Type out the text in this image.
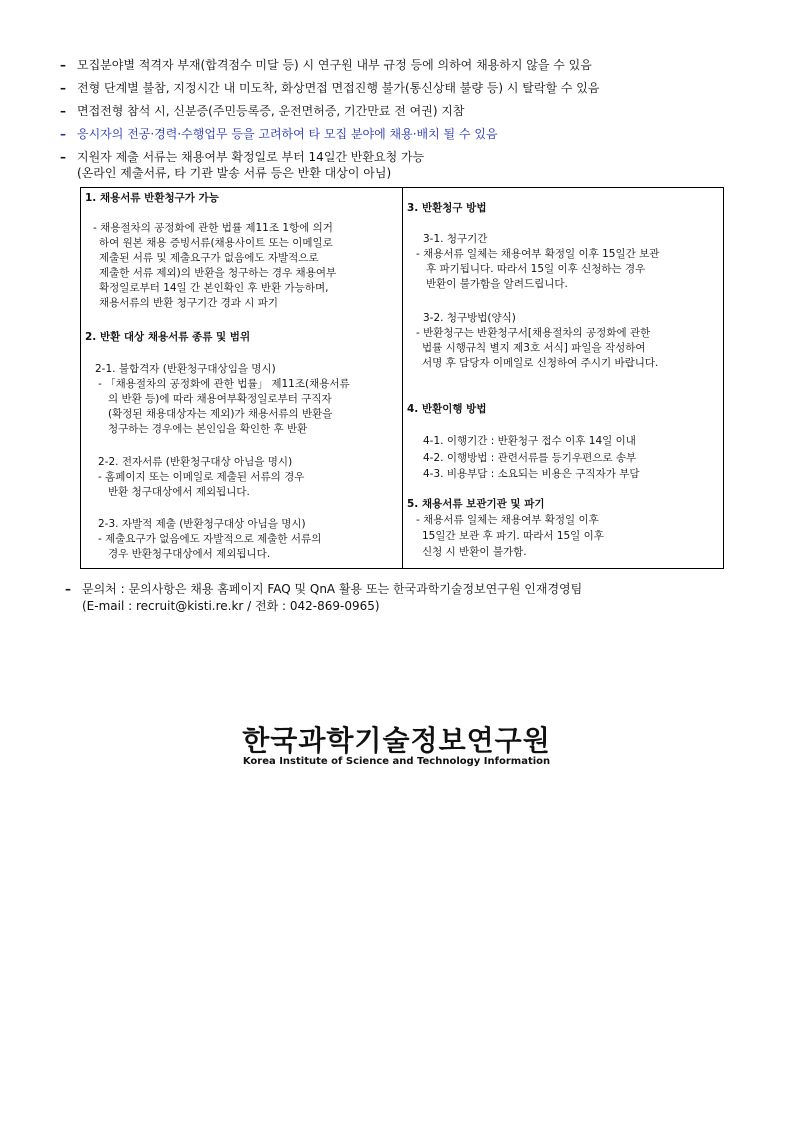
– 모집분야별 적격자 부재(합격점수 미달 등) 시 연구원 내부 규정 등에 의하여 채용하지 않을 수 있음
– 전형 단계별 불참, 지정시간 내 미도착, 화상면접 면접진행 불가(통신상태 불량 등) 시 탈락할 수 있음
– 면접전형 참석 시, 신분증(주민등록증, 운전면허증, 기간만료 전 여권) 지참
– 응시자의 전공·경력·수행업무 등을 고려하여 타 모집 분야에 채용·배치 될 수 있음
– 지원자 제출 서류는 채용여부 확정일로 부터 14일간 반환요청 가능
(온라인 제출서류, 타 기관 발송 서류 등은 반환 대상이 아님)
1. 채용서류 반환청구가 가능
- 채용절차의 공정화에 관한 법률 제11조 1항에 의거
하여 원본 채용 증빙서류(채용사이트 또는 이메일로
제출된 서류 및 제출요구가 없음에도 자발적으로
제출한 서류 제외)의 반환을 청구하는 경우 채용여부
확정일로부터 14일 간 본인확인 후 반환 가능하며,
채용서류의 반환 청구기간 경과 시 파기
2. 반환 대상 채용서류 종류 및 범위
2-1. 불합격자 (반환청구대상임을 명시)
- 「채용절차의 공정화에 관한 법률」 제11조(채용서류
의 반환 등)에 따라 채용여부확정일로부터 구직자
(확정된 채용대상자는 제외)가 채용서류의 반환을
청구하는 경우에는 본인임을 확인한 후 반환
2-2. 전자서류 (반환청구대상 아님을 명시)
- 홈페이지 또는 이메일로 제출된 서류의 경우
반환 청구대상에서 제외됩니다.
2-3. 자발적 제출 (반환청구대상 아님을 명시)
- 제출요구가 없음에도 자발적으로 제출한 서류의
경우 반환청구대상에서 제외됩니다.
3. 반환청구 방법
3-1. 청구기간
- 채용서류 일체는 채용여부 확정일 이후 15일간 보관
후 파기됩니다. 따라서 15일 이후 신청하는 경우
반환이 불가함을 알려드립니다.
3-2. 청구방법(양식)
- 반환청구는 반환청구서[채용절차의 공정화에 관한
법률 시행규칙 별지 제3호 서식] 파일을 작성하여
서명 후 담당자 이메일로 신청하여 주시기 바랍니다.
4. 반환이행 방법
4-1. 이행기간 : 반환청구 접수 이후 14일 이내
4-2. 이행방법 : 관련서류를 등기우편으로 송부
4-3. 비용부담 : 소요되는 비용은 구직자가 부담
5. 채용서류 보관기관 및 파기
- 채용서류 일체는 채용여부 확정일 이후
15일간 보관 후 파기. 따라서 15일 이후
신청 시 반환이 불가함.
– 문의처 : 문의사항은 채용 홈페이지 FAQ 및 QnA 활용 또는 한국과학기술정보연구원 인재경영팀
(E-mail : recruit@kisti.re.kr / 전화 : 042-869-0965)
한국과학기술정보연구원
Korea Institute of Science and Technology Information
